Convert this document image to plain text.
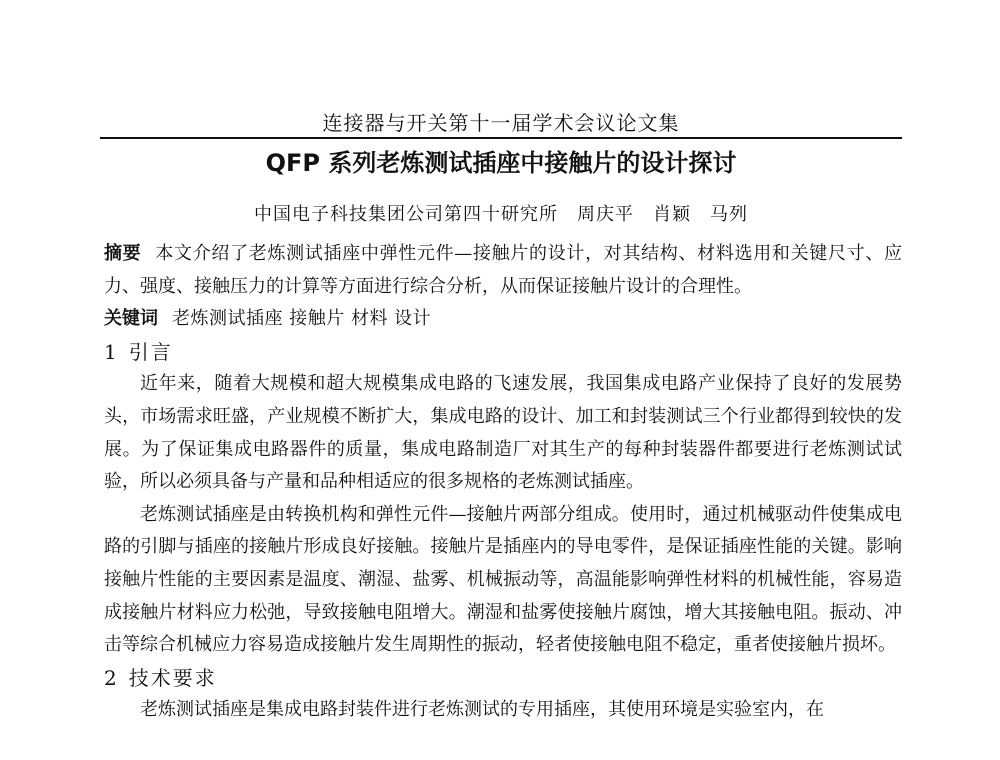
连接器与开关第十一届学术会议论文集
QFP 系列老炼测试插座中接触片的设计探讨
中国电子科技集团公司第四十研究所　周庆平　肖颖　马列

摘要 本文介绍了老炼测试插座中弹性元件—接触片的设计，对其结构、材料选用和关键尺寸、应力、强度、接触压力的计算等方面进行综合分析，从而保证接触片设计的合理性。

关键词 老炼测试插座 接触片 材料 设计

1 引言

近年来，随着大规模和超大规模集成电路的飞速发展，我国集成电路产业保持了良好的发展势头，市场需求旺盛，产业规模不断扩大，集成电路的设计、加工和封装测试三个行业都得到较快的发展。为了保证集成电路器件的质量，集成电路制造厂对其生产的每种封装器件都要进行老炼测试试验，所以必须具备与产量和品种相适应的很多规格的老炼测试插座。

老炼测试插座是由转换机构和弹性元件—接触片两部分组成。使用时，通过机械驱动件使集成电路的引脚与插座的接触片形成良好接触。接触片是插座内的导电零件，是保证插座性能的关键。影响接触片性能的主要因素是温度、潮湿、盐雾、机械振动等，高温能影响弹性材料的机械性能，容易造成接触片材料应力松弛，导致接触电阻增大。潮湿和盐雾使接触片腐蚀，增大其接触电阻。振动、冲击等综合机械应力容易造成接触片发生周期性的振动，轻者使接触电阻不稳定，重者使接触片损坏。

2 技术要求

老炼测试插座是集成电路封装件进行老炼测试的专用插座，其使用环境是实验室内，在
